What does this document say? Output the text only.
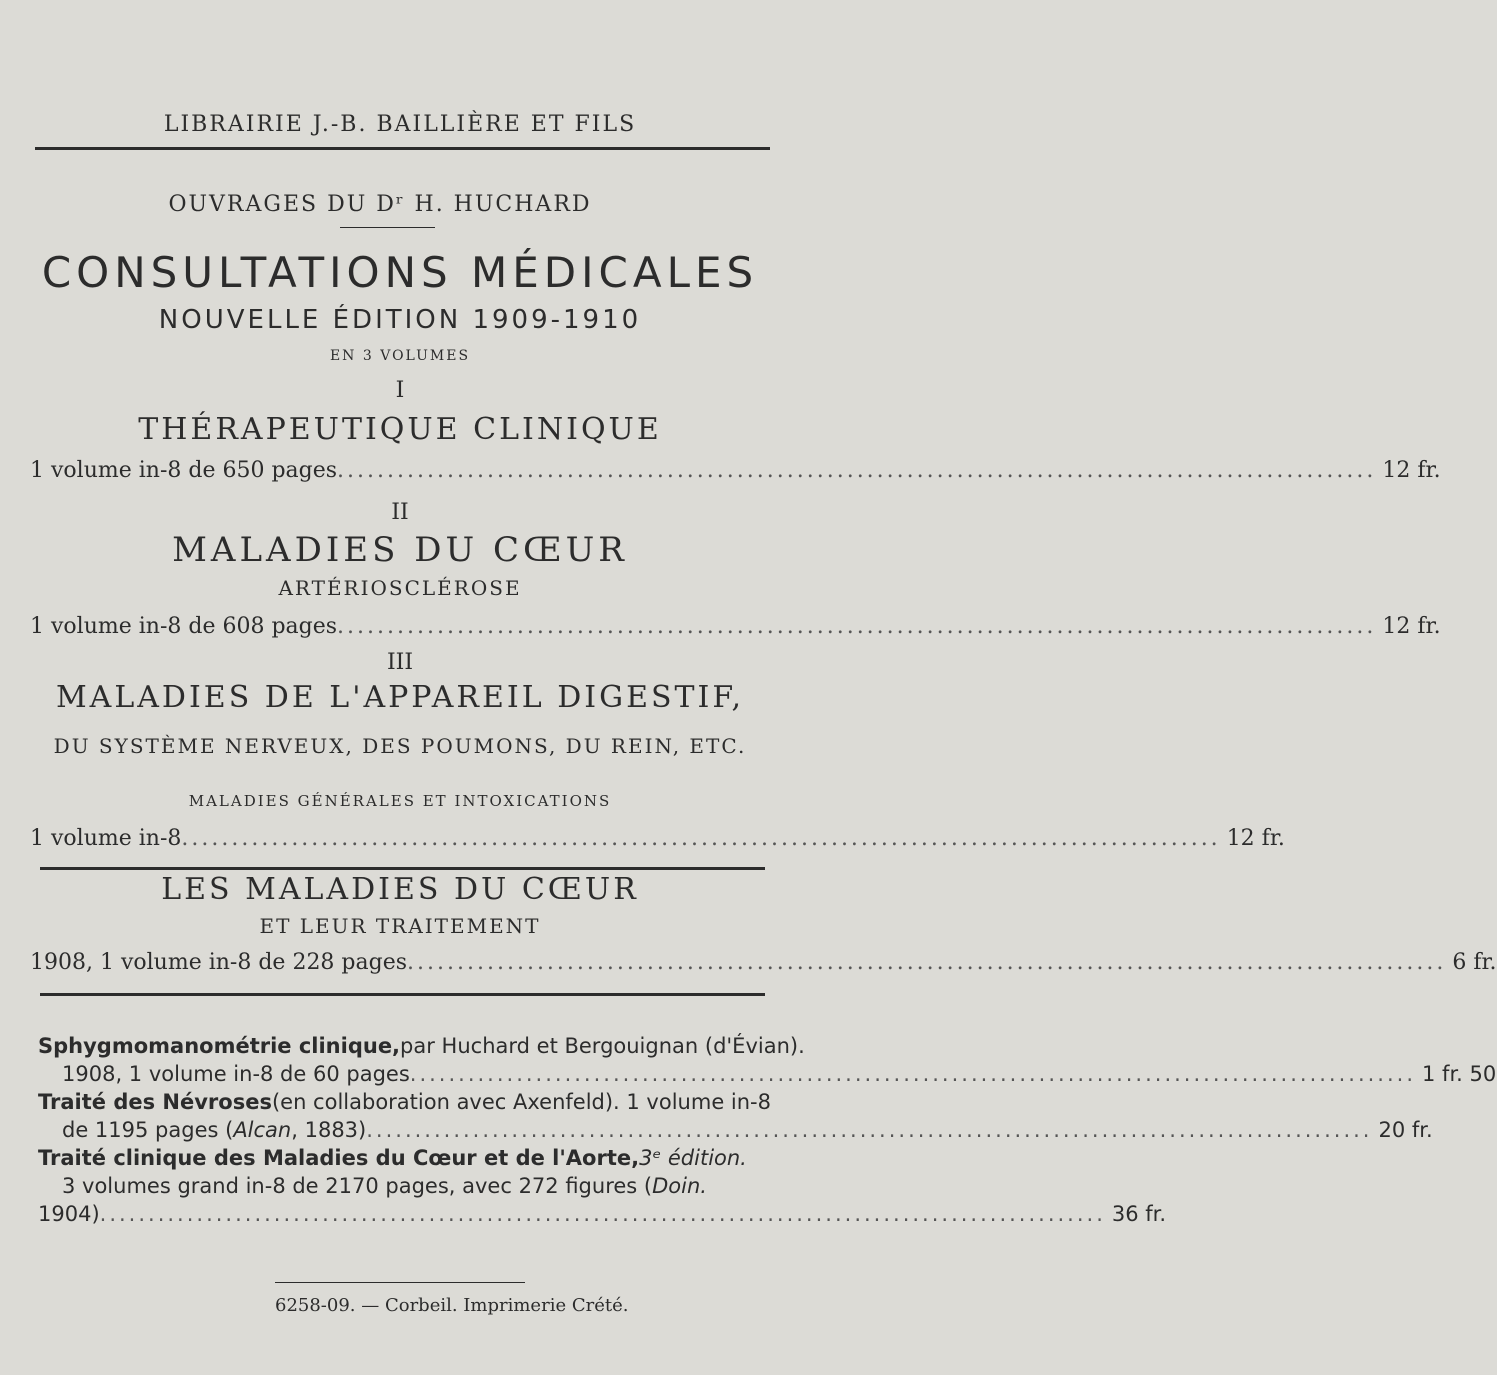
LIBRAIRIE J.-B. BAILLIÈRE ET FILS
OUVRAGES DU Dʳ H. HUCHARD
CONSULTATIONS MÉDICALES
NOUVELLE ÉDITION 1909-1910
EN 3 VOLUMES
I
THÉRAPEUTIQUE CLINIQUE
1 volume in-8 de 650 pages ........................................................................................................ 12 fr.
II
MALADIES DU CŒUR
ARTÉRIOSCLÉROSE
1 volume in-8 de 608 pages ........................................................................................................ 12 fr.
III
MALADIES DE L'APPAREIL DIGESTIF,
DU SYSTÈME NERVEUX, DES POUMONS, DU REIN, ETC.
MALADIES GÉNÉRALES ET INTOXICATIONS
1 volume in-8 ........................................................................................................ 12 fr.
LES MALADIES DU CŒUR
ET LEUR TRAITEMENT
1908, 1 volume in-8 de 228 pages ........................................................................................................ 6 fr.
Sphygmomanométrie clinique, par Huchard et Bergouignan (d'Évian).
1908, 1 volume in-8 de 60 pages ........................................................................................................ 1 fr. 50
Traité des Névroses (en collaboration avec Axenfeld). 1 volume in-8
de 1195 pages ( Alcan , 1883) ........................................................................................................ 20 fr.
Traité clinique des Maladies du Cœur et de l'Aorte, 3ᵉ édition.
3 volumes grand in-8 de 2170 pages, avec 272 figures ( Doin.
1904) ........................................................................................................ 36 fr.
6258-09. — Corbeil. Imprimerie Crété.
